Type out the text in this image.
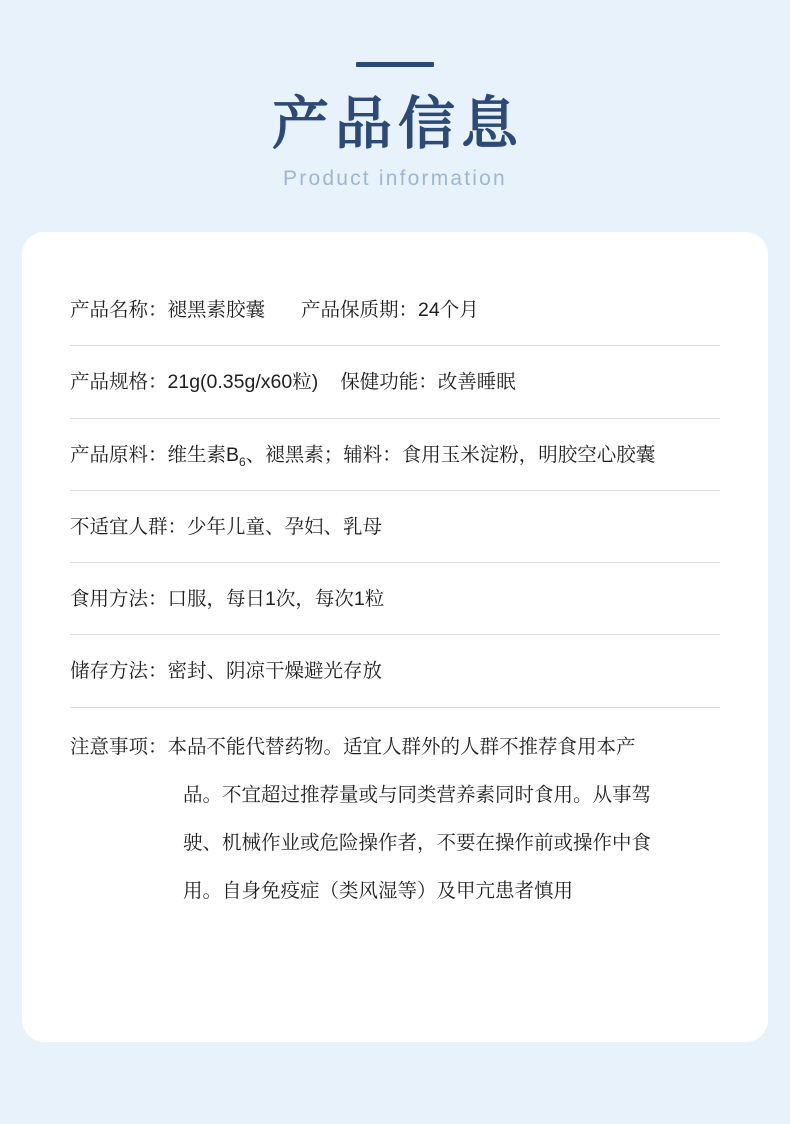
产品信息
Product information
产品名称： 褪黑素胶囊 产品保质期： 24个月
产品规格： 21g(0.35g/x60粒) 保健功能： 改善睡眠
产品原料： 维生素B 6 、褪黑素；辅料：食用玉米淀粉，明胶空心胶囊
不适宜人群： 少年儿童、孕妇、乳母
食用方法： 口服，每日1次，每次1粒
储存方法： 密封、阴凉干燥避光存放
注意事项： 本品不能代替药物。适宜人群外的人群不推荐食用本产
品。不宜超过推荐量或与同类营养素同时食用。从事驾
驶、机械作业或危险操作者，不要在操作前或操作中食
用。自身免疫症（类风湿等）及甲亢患者慎用
